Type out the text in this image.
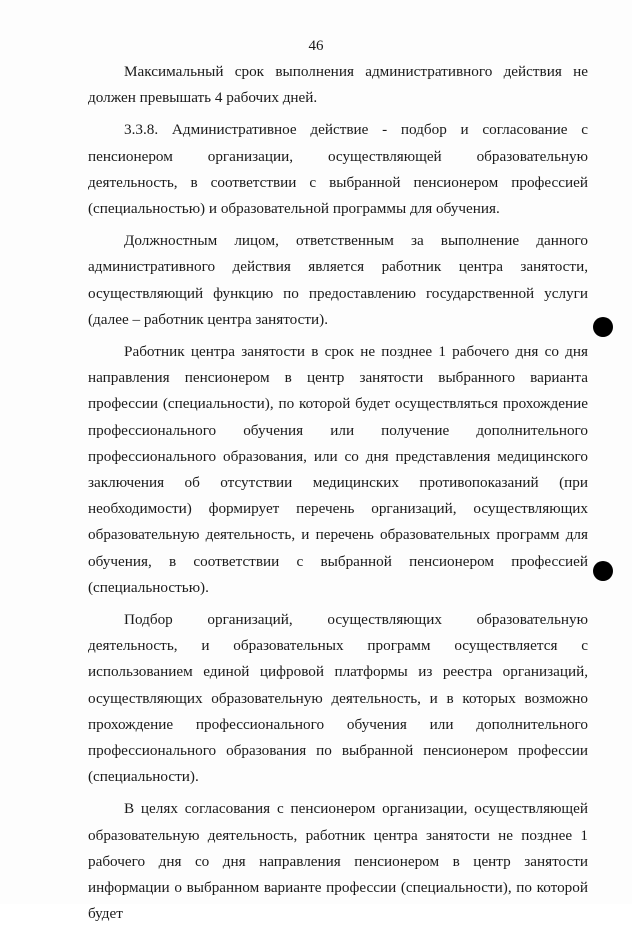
46

Максимальный срок выполнения административного действия не должен превышать 4 рабочих дней.

3.3.8. Административное действие - подбор и согласование с пенсионером организации, осуществляющей образовательную деятельность, в соответствии с выбранной пенсионером профессией (специальностью) и образовательной программы для обучения.

Должностным лицом, ответственным за выполнение данного административного действия является работник центра занятости, осуществляющий функцию по предоставлению государственной услуги (далее – работник центра занятости).

Работник центра занятости в срок не позднее 1 рабочего дня со дня направления пенсионером в центр занятости выбранного варианта профессии (специальности), по которой будет осуществляться прохождение профессионального обучения или получение дополнительного профессионального образования, или со дня представления медицинского заключения об отсутствии медицинских противопоказаний (при необходимости) формирует перечень организаций, осуществляющих образовательную деятельность, и перечень образовательных программ для обучения, в соответствии с выбранной пенсионером профессией (специальностью).

Подбор организаций, осуществляющих образовательную деятельность, и образовательных программ осуществляется с использованием единой цифровой платформы из реестра организаций, осуществляющих образовательную деятельность, и в которых возможно прохождение профессионального обучения или дополнительного профессионального образования по выбранной пенсионером профессии (специальности).

В целях согласования с пенсионером организации, осуществляющей образовательную деятельность, работник центра занятости не позднее 1 рабочего дня со дня направления пенсионером в центр занятости информации о выбранном варианте профессии (специальности), по которой будет
